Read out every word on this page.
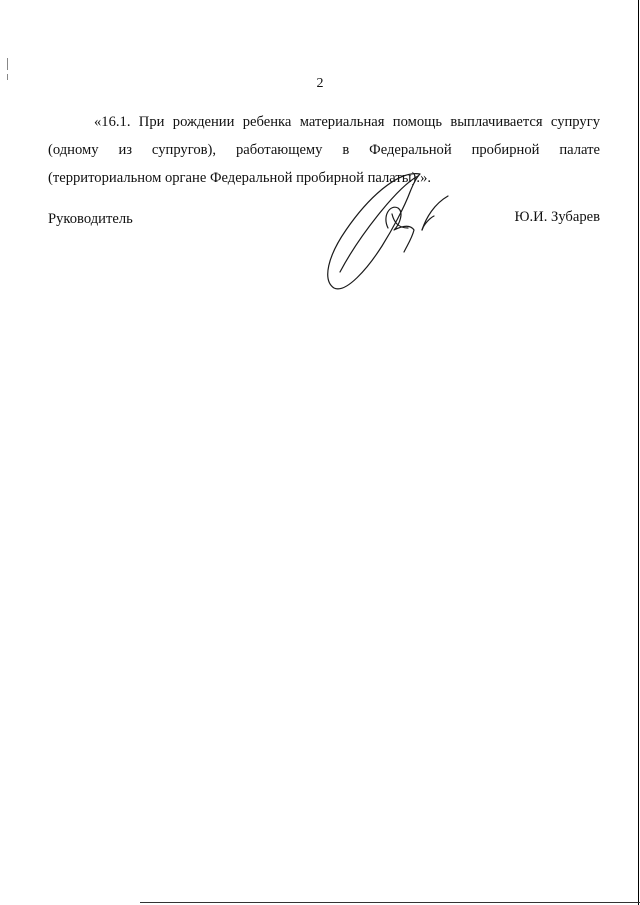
2

«16.1. При рождении ребенка материальная помощь выплачивается супругу (одному из супругов), работающему в Федеральной пробирной палате (территориальном органе Федеральной пробирной палаты).».

Руководитель	Ю.И. Зубарев
